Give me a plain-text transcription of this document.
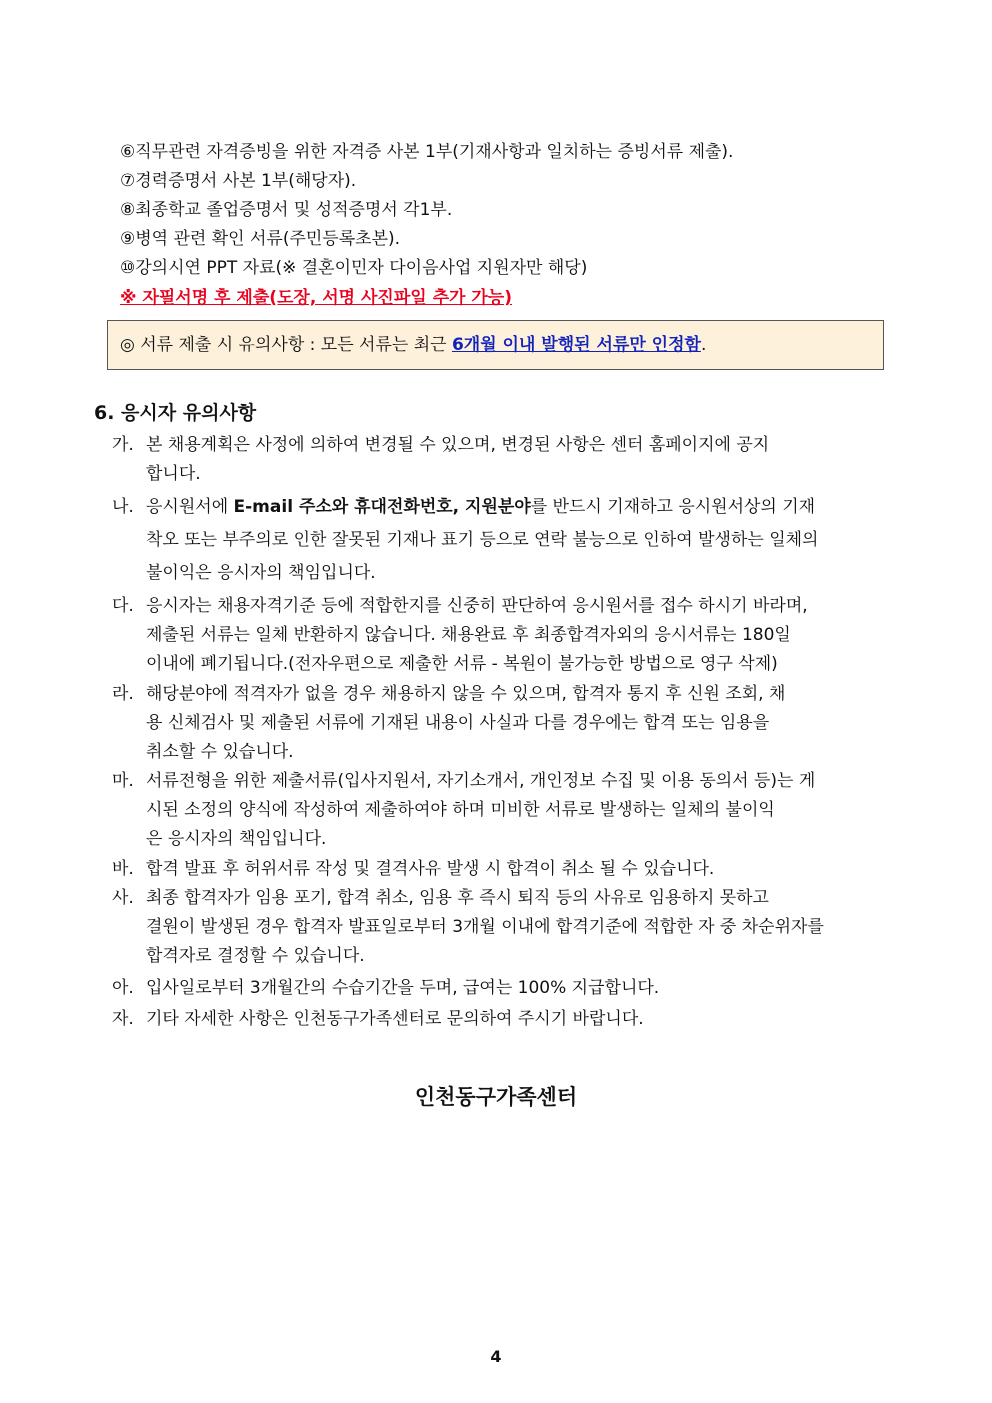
⑥직무관련 자격증빙을 위한 자격증 사본 1부(기재사항과 일치하는 증빙서류 제출).
⑦경력증명서 사본 1부(해당자).
⑧최종학교 졸업증명서 및 성적증명서 각1부.
⑨병역 관련 확인 서류(주민등록초본).
⑩강의시연 PPT 자료(※ 결혼이민자 다이음사업 지원자만 해당)
※ 자필서명 후 제출(도장, 서명 사진파일 추가 가능)
◎ 서류 제출 시 유의사항 : 모든 서류는 최근 6개월 이내 발행된 서류만 인정함.
6. 응시자 유의사항
가. 본 채용계획은 사정에 의하여 변경될 수 있으며, 변경된 사항은 센터 홈페이지에 공지
합니다.
나. 응시원서에 E-mail 주소와 휴대전화번호, 지원분야를 반드시 기재하고 응시원서상의 기재
착오 또는 부주의로 인한 잘못된 기재나 표기 등으로 연락 불능으로 인하여 발생하는 일체의
불이익은 응시자의 책임입니다.
다. 응시자는 채용자격기준 등에 적합한지를 신중히 판단하여 응시원서를 접수 하시기 바라며,
제출된 서류는 일체 반환하지 않습니다. 채용완료 후 최종합격자외의 응시서류는 180일
이내에 폐기됩니다.(전자우편으로 제출한 서류 - 복원이 불가능한 방법으로 영구 삭제)
라. 해당분야에 적격자가 없을 경우 채용하지 않을 수 있으며, 합격자 통지 후 신원 조회, 채
용 신체검사 및 제출된 서류에 기재된 내용이 사실과 다를 경우에는 합격 또는 임용을
취소할 수 있습니다.
마. 서류전형을 위한 제출서류(입사지원서, 자기소개서, 개인정보 수집 및 이용 동의서 등)는 게
시된 소정의 양식에 작성하여 제출하여야 하며 미비한 서류로 발생하는 일체의 불이익
은 응시자의 책임입니다.
바. 합격 발표 후 허위서류 작성 및 결격사유 발생 시 합격이 취소 될 수 있습니다.
사. 최종 합격자가 임용 포기, 합격 취소, 임용 후 즉시 퇴직 등의 사유로 임용하지 못하고
결원이 발생된 경우 합격자 발표일로부터 3개월 이내에 합격기준에 적합한 자 중 차순위자를
합격자로 결정할 수 있습니다.
아. 입사일로부터 3개월간의 수습기간을 두며, 급여는 100% 지급합니다.
자. 기타 자세한 사항은 인천동구가족센터로 문의하여 주시기 바랍니다.
인천동구가족센터
4
